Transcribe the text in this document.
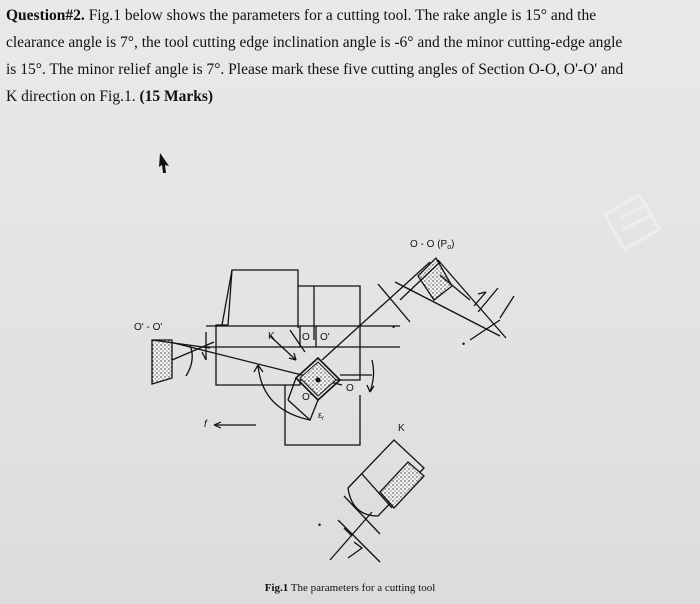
Question#2. Fig.1 below shows the parameters for a cutting tool. The rake angle is 15° and the
clearance angle is 7°, the tool cutting edge inclination angle is -6° and the minor cutting-edge angle
is 15°. The minor relief angle is 7°. Please mark these five cutting angles of Section O-O, O'-O' and
K direction on Fig.1. (15 Marks)
O - O $(P_o)$
O' - O'	•
•
K	O O'
O
O'
$\varepsilon_r$
f	K
•
Fig.1 The parameters for a cutting tool
